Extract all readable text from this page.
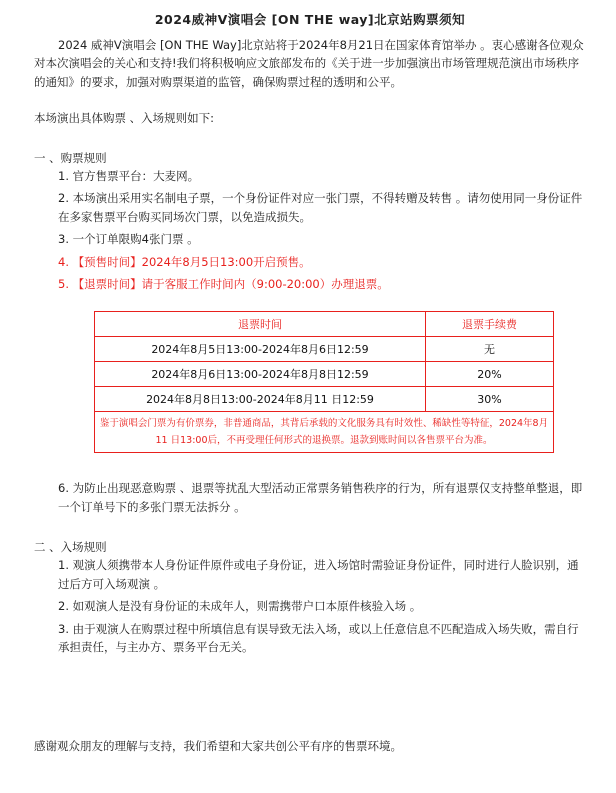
2024威神V演唱会 [ON THE way]北京站购票须知

2024 威神V演唱会 [ON THE Way]北京站将于2024年8月21日在国家体育馆举办 。衷心感谢各位观众对本次演唱会的关心和支持!我们将积极响应文旅部发布的《关于进一步加强演出市场管理规范演出市场秩序的通知》的要求，加强对购票渠道的监管，确保购票过程的透明和公平。

本场演出具体购票 、入场规则如下:

一 、购票规则

1. 官方售票平台：大麦网。

2. 本场演出采用实名制电子票，一个身份证件对应一张门票，不得转赠及转售 。请勿使用同一身份证件在多家售票平台购买同场次门票，以免造成损失。

3. 一个订单限购4张门票 。

4. 【预售时间】2024年8月5日13:00开启预售。

5. 【退票时间】请于客服工作时间内（9:00-20:00）办理退票。

退票时间	退票手续费
2024年8月5日13:00-2024年8月6日12:59	无
2024年8月6日13:00-2024年8月8日12:59	20%
2024年8月8日13:00-2024年8月11 日12:59	30%
鉴于演唱会门票为有价票券，非普通商品，其背后承载的文化服务具有时效性、稀缺性等特征，2024年8月11 日13:00后，不再受理任何形式的退换票。退款到账时间以各售票平台为准。	

6. 为防止出现恶意购票 、退票等扰乱大型活动正常票务销售秩序的行为，所有退票仅支持整单整退，即一个订单号下的多张门票无法拆分 。

二 、入场规则

1. 观演人须携带本人身份证件原件或电子身份证，进入场馆时需验证身份证件，同时进行人脸识别，通过后方可入场观演 。

2. 如观演人是没有身份证的未成年人，则需携带户口本原件核验入场 。

3. 由于观演人在购票过程中所填信息有误导致无法入场，或以上任意信息不匹配造成入场失败，需自行承担责任，与主办方、票务平台无关。

感谢观众朋友的理解与支持，我们希望和大家共创公平有序的售票环境。
